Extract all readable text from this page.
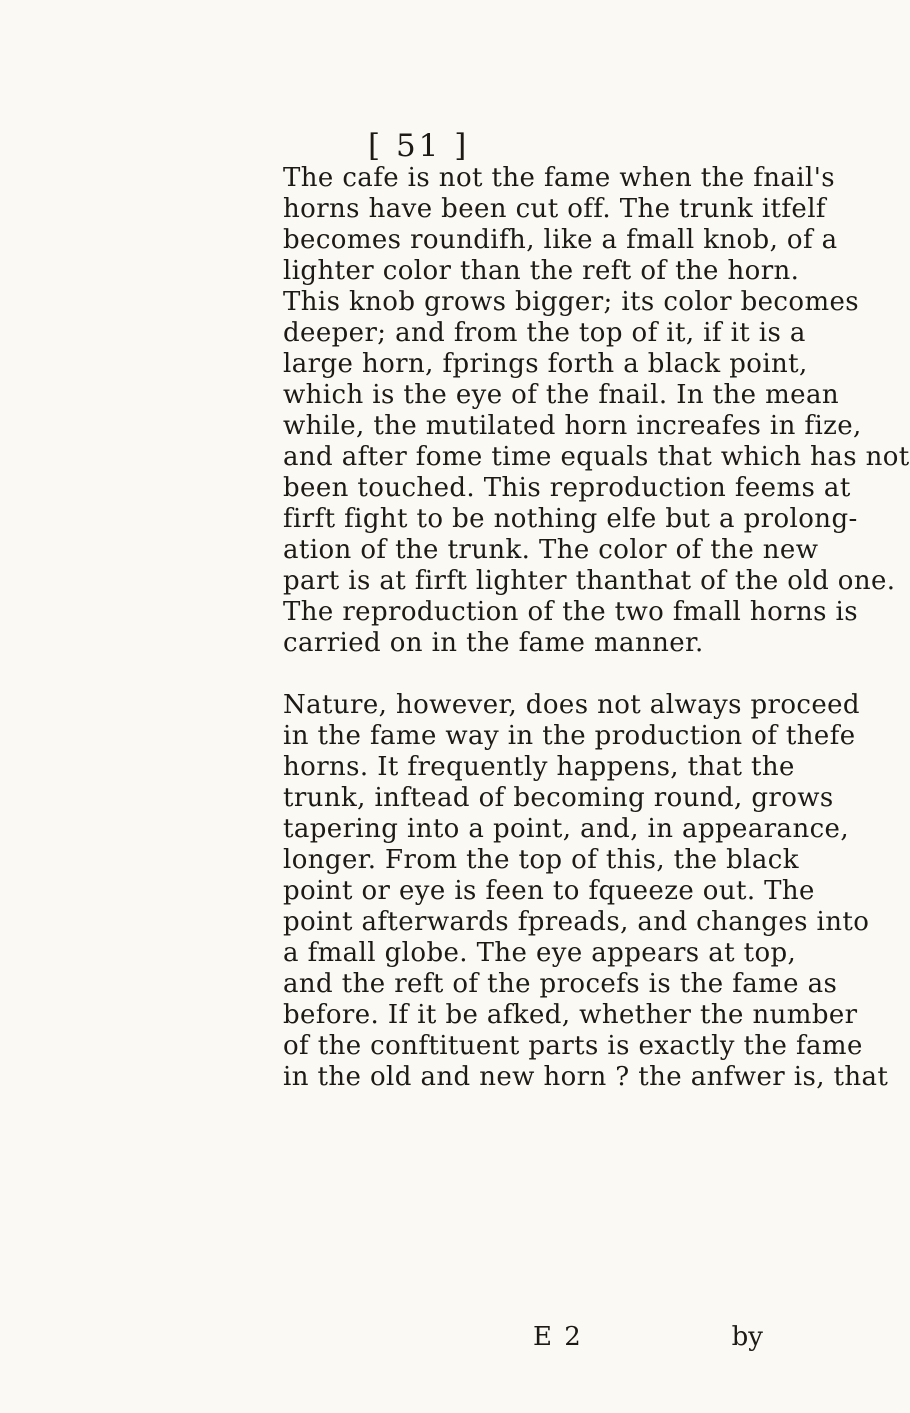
[ 51 ]
The cafe is not the fame when the fnail's
horns have been cut off. The trunk itfelf
becomes roundifh, like a fmall knob, of a
lighter color than the reft of the horn.
This knob grows bigger; its color becomes
deeper; and from the top of it, if it is a
large horn, fprings forth a black point,
which is the eye of the fnail. In the mean
while, the mutilated horn increafes in fize,
and after fome time equals that which has not
been touched. This reproduction feems at
firft fight to be nothing elfe but a prolong-
ation of the trunk. The color of the new
part is at firft lighter thanthat of the old one.
The reproduction of the two fmall horns is
carried on in the fame manner.
Nature, however, does not always proceed
in the fame way in the production of thefe
horns. It frequently happens, that the
trunk, inftead of becoming round, grows
tapering into a point, and, in appearance,
longer. From the top of this, the black
point or eye is feen to fqueeze out. The
point afterwards fpreads, and changes into
a fmall globe. The eye appears at top,
and the reft of the procefs is the fame as
before. If it be afked, whether the number
of the conftituent parts is exactly the fame
in the old and new horn ? the anfwer is, that
E 2	by
